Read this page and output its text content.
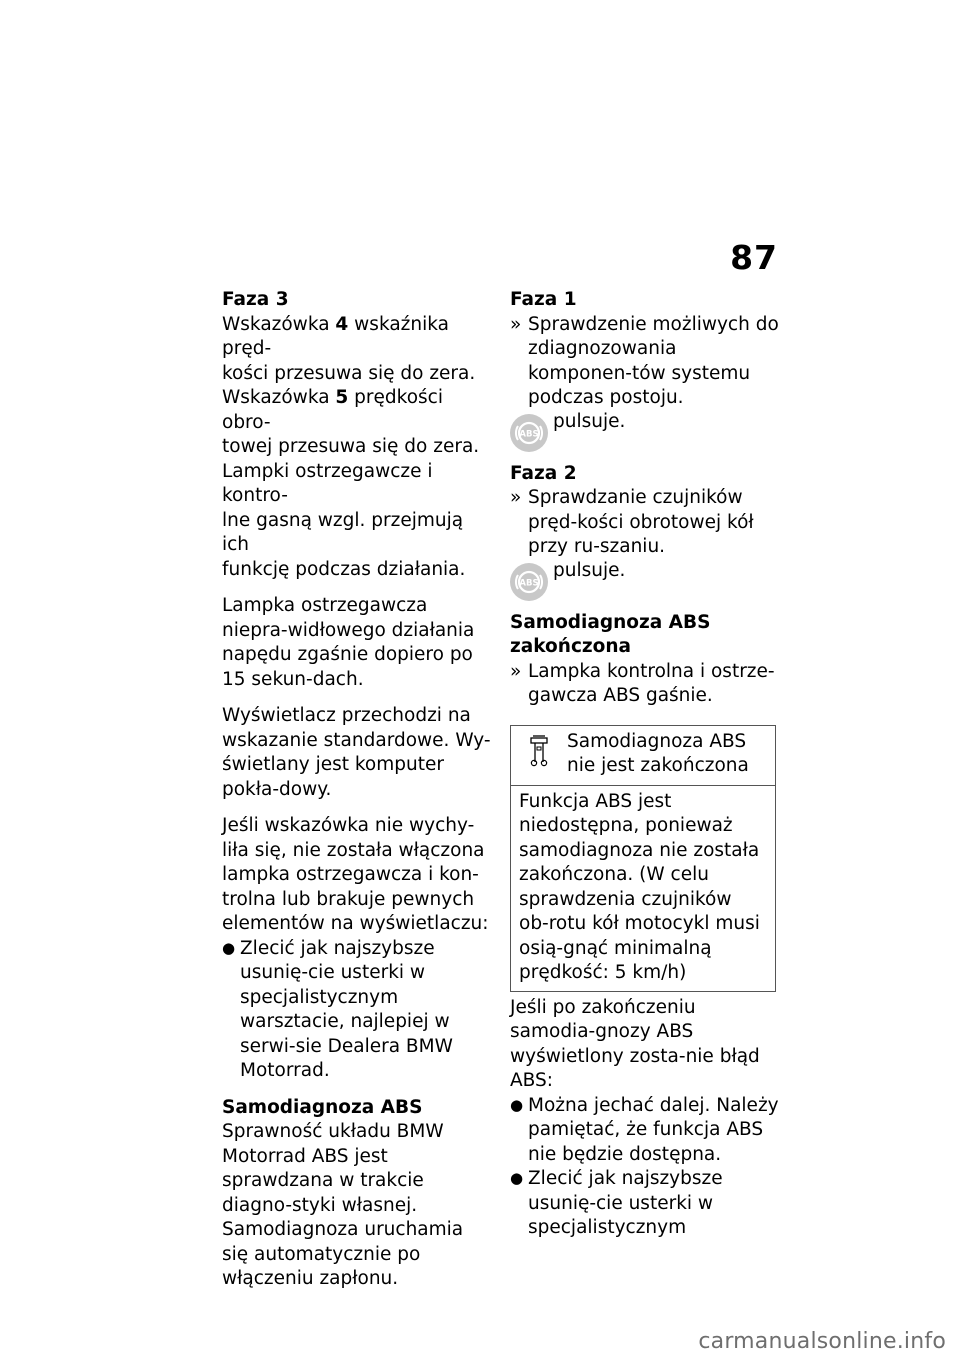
87
Faza 3

Wskazówka 4 wskaźnika pręd-
kości przesuwa się do zera.
Wskazówka 5 prędkości obro-
towej przesuwa się do zera.
Lampki ostrzegawcze i kontro-
lne gasną wzgl. przejmują ich
funkcję podczas działania.

Lampka ostrzegawcza niepra-widłowego działania napędu zgaśnie dopiero po 15 sekun-dach.

Wyświetlacz przechodzi na wskazanie standardowe. Wy-świetlany jest komputer pokła-dowy.

Jeśli wskazówka nie wychy-liła się, nie została włączona lampka ostrzegawcza i kon-trolna lub brakuje pewnych elementów na wyświetlaczu:

● Zlecić jak najszybsze usunię-cie usterki w specjalistycznym warsztacie, najlepiej w serwi-sie Dealera BMW Motorrad.
Samodiagnoza ABS

Sprawność układu BMW Motorrad ABS jest sprawdzana w trakcie diagno-styki własnej. Samodiagnoza uruchamia się automatycznie po włączeniu zapłonu.

Faza 1
» Sprawdzenie możliwych do zdiagnozowania komponen-tów systemu podczas postoju.
ABS
pulsuje.
Faza 2
» Sprawdzanie czujników pręd-kości obrotowej kół przy ru-szaniu.
ABS
pulsuje.
Samodiagnoza ABS
zakończona
» Lampka kontrolna i ostrze-gawcza ABS gaśnie.
Samodiagnoza ABS nie jest zakończona
Funkcja ABS jest niedostępna, ponieważ samodiagnoza nie została zakończona. (W celu sprawdzenia czujników ob-rotu kół motocykl musi osią-gnąć minimalną prędkość: 5 km/h)
Jeśli po zakończeniu samodia-gnozy ABS wyświetlony zosta-nie błąd ABS:
● Można jechać dalej. Należy pamiętać, że funkcja ABS nie będzie dostępna.
● Zlecić jak najszybsze usunię-cie usterki w specjalistycznym
carmanualsonline.info
